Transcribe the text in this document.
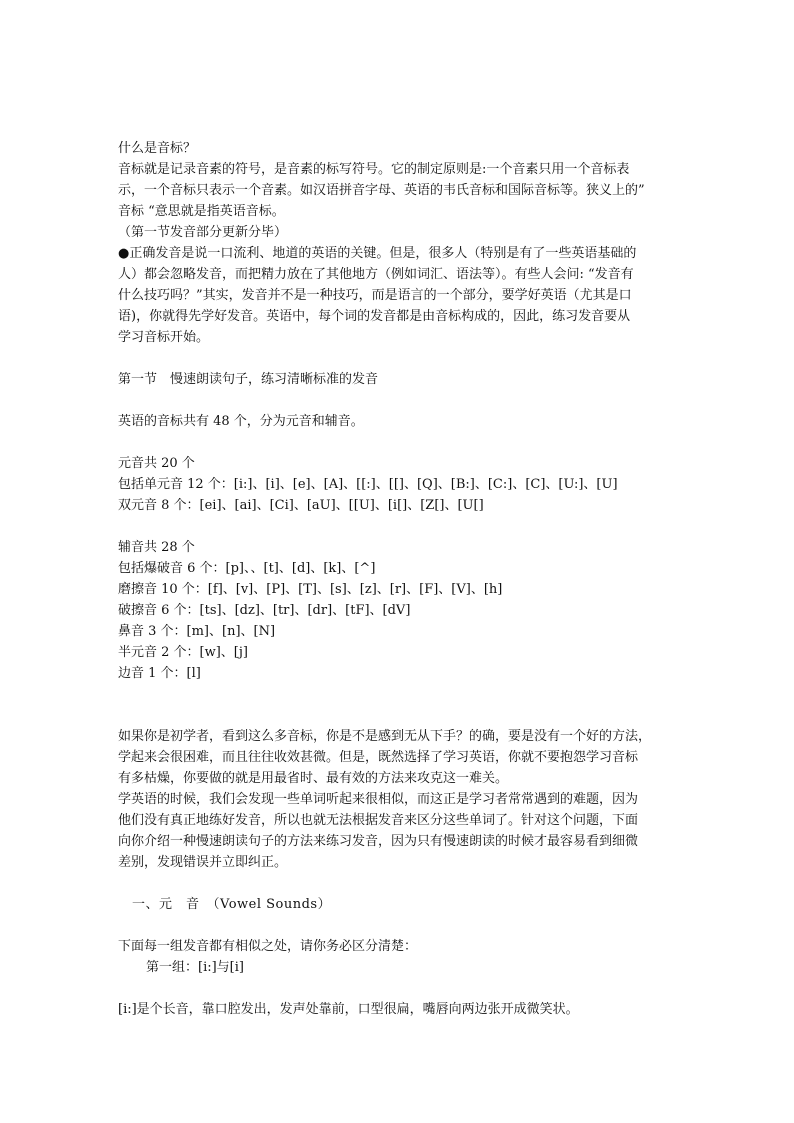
什么是音标？
音标就是记录音素的符号，是音素的标写符号。它的制定原则是:一个音素只用一个音标表
示，一个音标只表示一个音素。如汉语拼音字母、英语的韦氏音标和国际音标等。狭义上的”
音标 “意思就是指英语音标。
（第一节发音部分更新分毕）
●正确发音是说一口流利、地道的英语的关键。但是，很多人（特别是有了一些英语基础的
人）都会忽略发音，而把精力放在了其他地方（例如词汇、语法等）。有些人会问: “发音有
什么技巧吗？”其实，发音并不是一种技巧，而是语言的一个部分，要学好英语（尤其是口
语)，你就得先学好发音。英语中，每个词的发音都是由音标构成的，因此，练习发音要从
学习音标开始。
第一节　慢速朗读句子，练习清晰标准的发音
英语的音标共有 48 个，分为元音和辅音。
元音共 20 个
包括单元音 12 个：[i:]、[i]、[e]、[A]、[[:]、[[]、[Q]、[B:]、[C:]、[C]、[U:]、[U]
双元音 8 个：[ei]、[ai]、[Ci]、[aU]、[[U]、[i[]、[Z[]、[U[]
辅音共 28 个
包括爆破音 6 个：[p]、、[t]、[d]、[k]、[^]
磨擦音 10 个：[f]、[v]、[P]、[T]、[s]、[z]、[r]、[F]、[V]、[h]
破擦音 6 个：[ts]、[dz]、[tr]、[dr]、[tF]、[dV]
鼻音 3 个：[m]、[n]、[N]
半元音 2 个：[w]、[j]
边音 1 个：[l]
如果你是初学者，看到这么多音标，你是不是感到无从下手？的确，要是没有一个好的方法，
学起来会很困难，而且往往收效甚微。但是，既然选择了学习英语，你就不要抱怨学习音标
有多枯燥，你要做的就是用最省时、最有效的方法来攻克这一难关。
学英语的时候，我们会发现一些单词听起来很相似，而这正是学习者常常遇到的难题，因为
他们没有真正地练好发音，所以也就无法根据发音来区分这些单词了。针对这个问题，下面
向你介绍一种慢速朗读句子的方法来练习发音，因为只有慢速朗读的时候才最容易看到细微
差别，发现错误并立即纠正。
一、元　音　（Vowel Sounds）
下面每一组发音都有相似之处，请你务必区分清楚：
第一组：[i:]与[i]
[i:]是个长音，靠口腔发出，发声处靠前，口型很扁，嘴唇向两边张开成微笑状。
